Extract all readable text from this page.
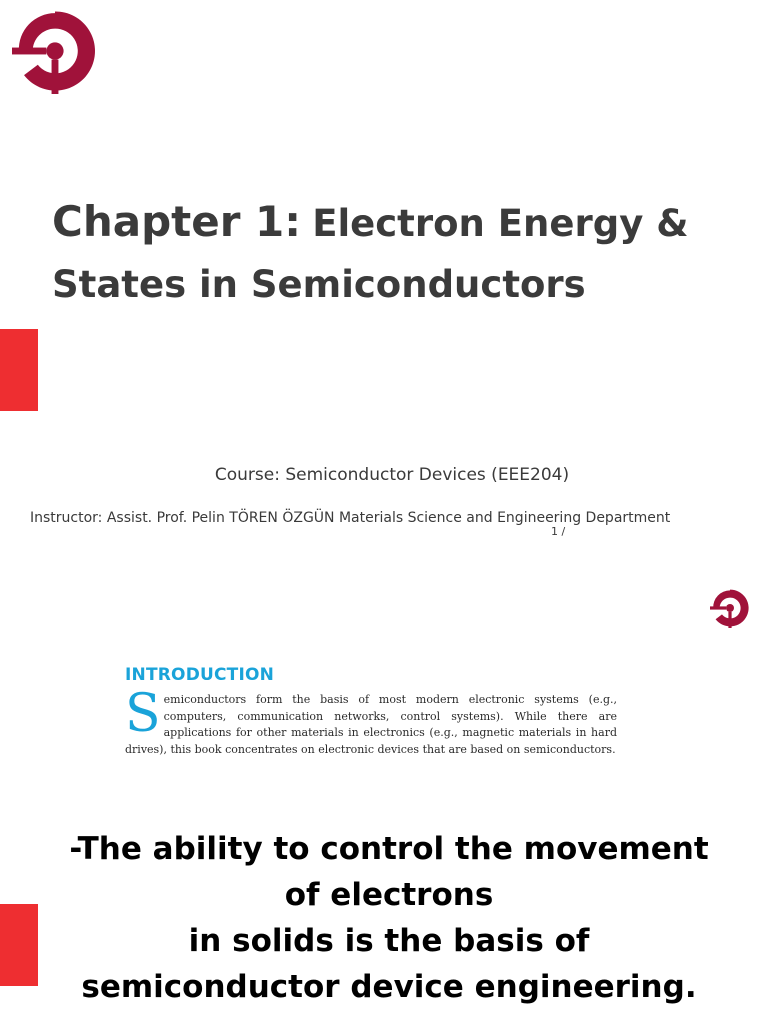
Chapter 1: Electron Energy & States in Semiconductors
Course: Semiconductor Devices (EEE204)
Instructor: Assist. Prof. Pelin TÖREN ÖZGÜN Materials Science and Engineering Department
1 /
INTRODUCTION
Semiconductors form the basis of most modern electronic systems (e.g., computers, communication networks, control systems). While there are applications for other materials in electronics (e.g., magnetic materials in hard drives), this book concentrates on electronic devices that are based on semiconductors.
-The ability to control the movement
of electrons
in solids is the basis of
semiconductor device engineering.
